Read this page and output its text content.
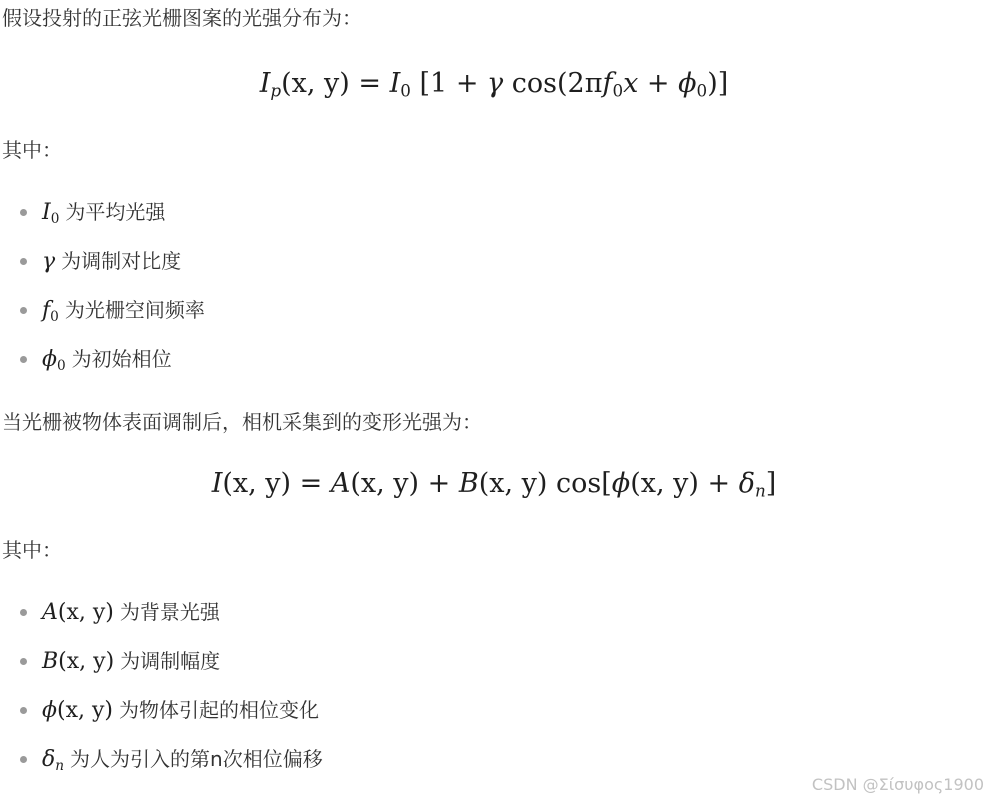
假设投射的正弦光栅图案的光强分布为：
$I_p(x$, $y) = I_0$ [1 + γ $\cos(2\pi f_0x + \phi_0)$]
其中：
$I_0$ 为平均光强
γ 为调制对比度
$f_0$ 为光栅空间频率
$\phi_0$ 为初始相位
当光栅被物体表面调制后，相机采集到的变形光强为：
I(x, y) = A(x, y) + B(x, y) cos[ϕ(x, $y) + \delta_n$]
其中：
A(x, y) 为背景光强
B(x, y) 为调制幅度
ϕ(x, y) 为物体引起的相位变化
$\delta_n$ 为人为引入的第n次相位偏移
CSDN @Σίσυφος1900
